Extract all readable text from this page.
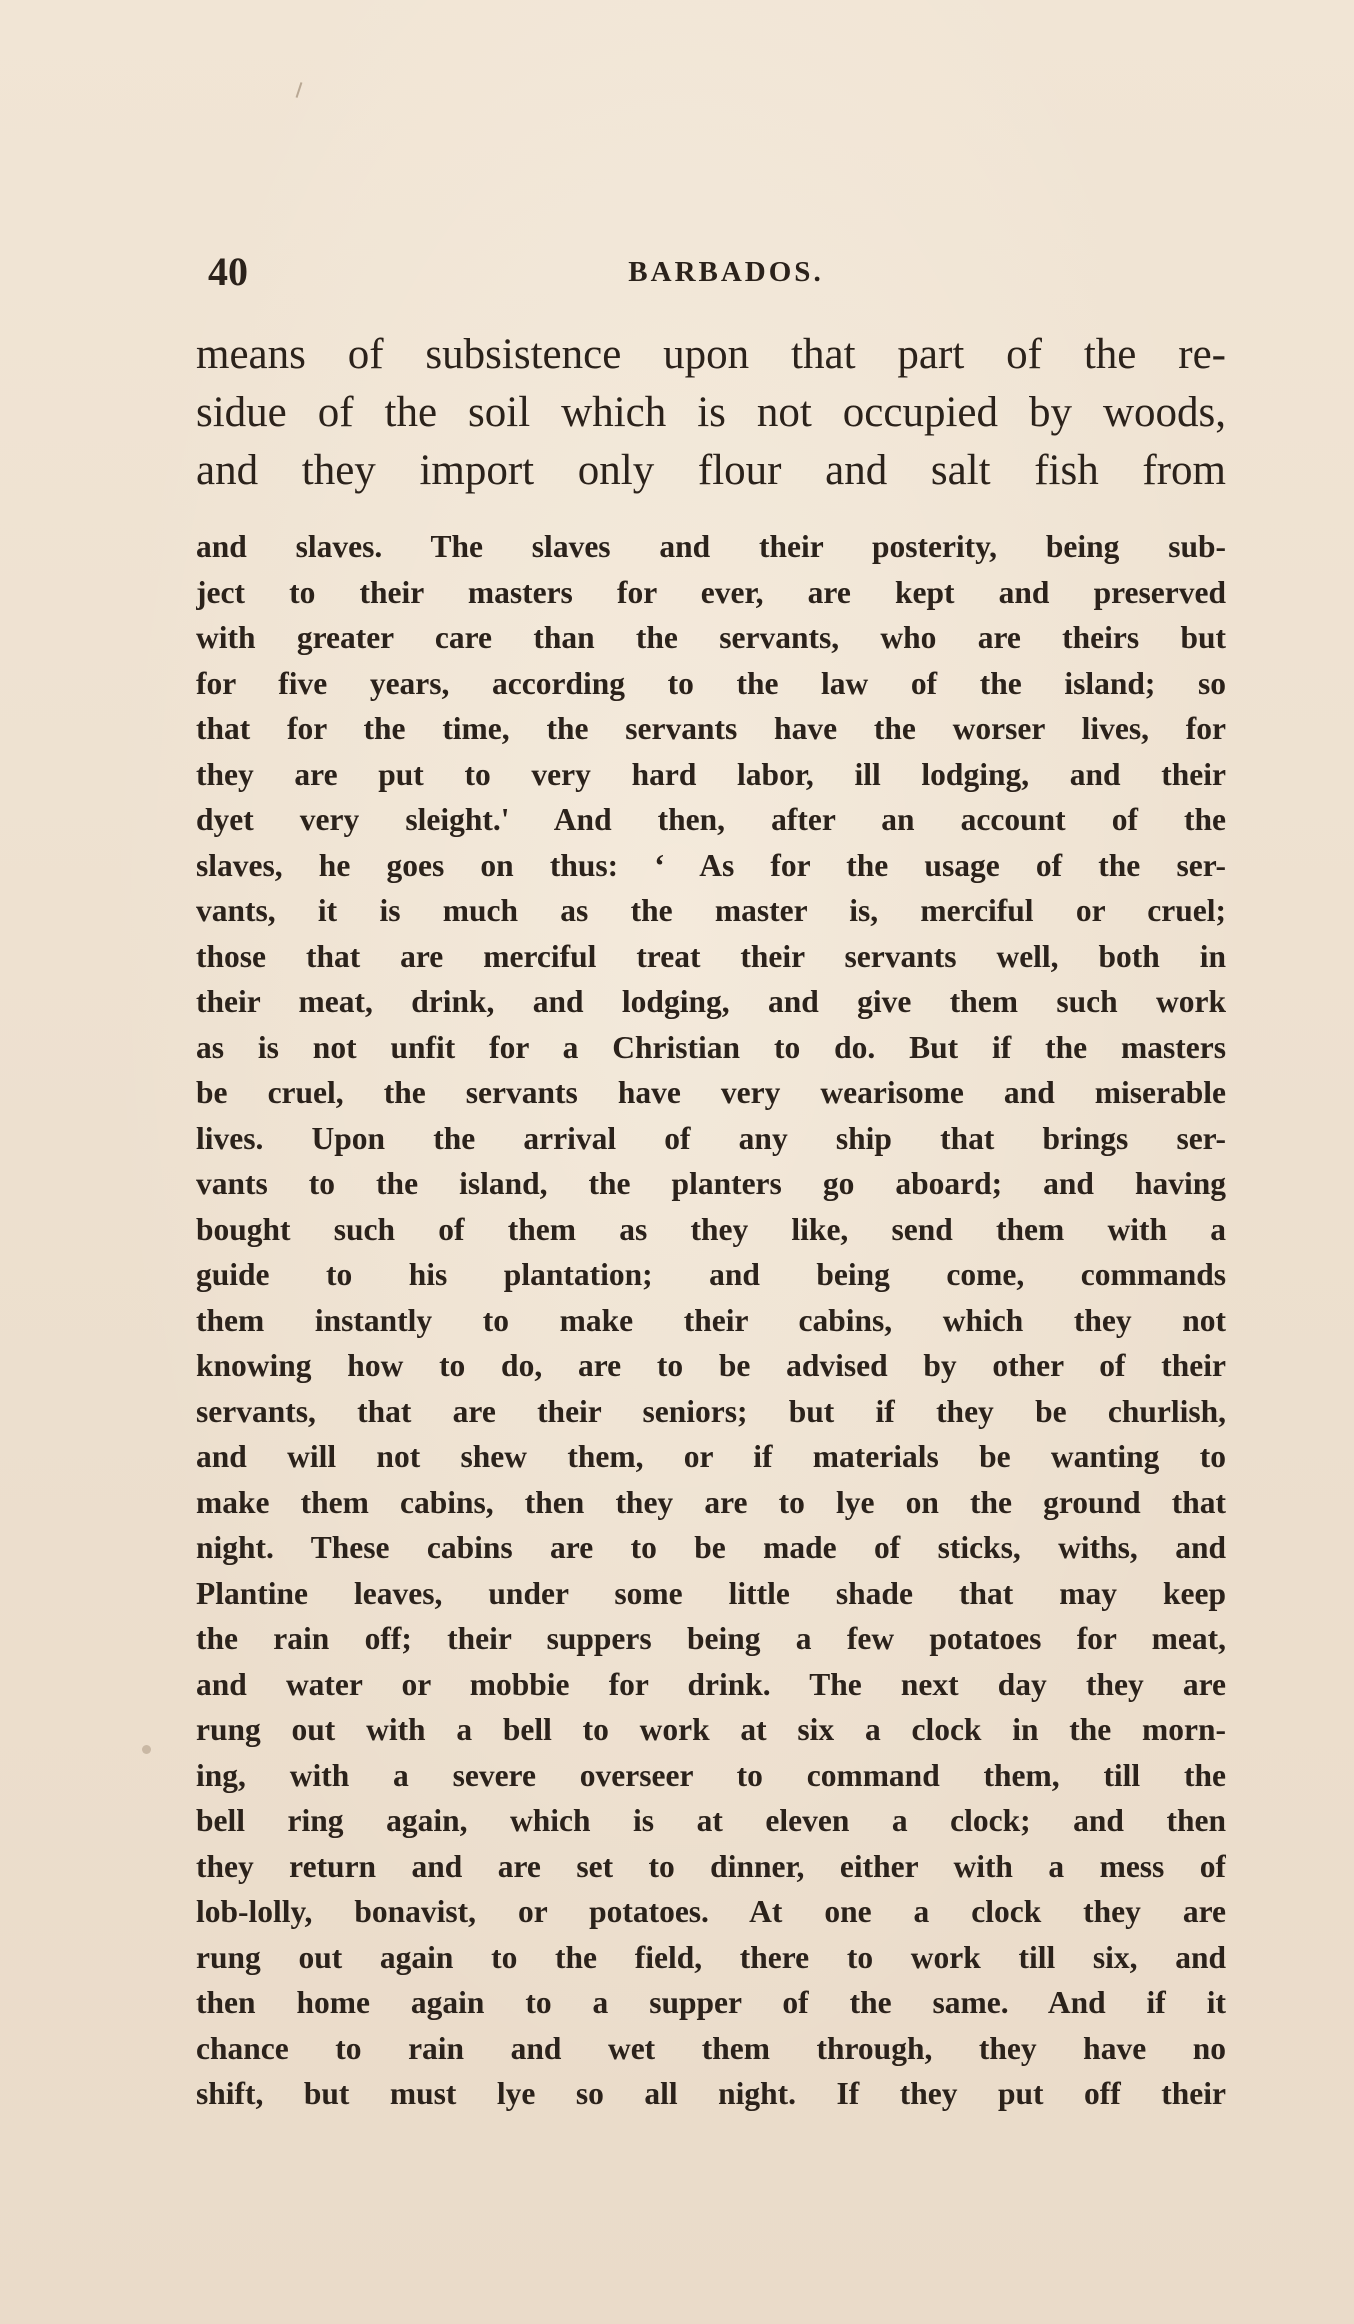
40	BARBADOS.
means of subsistence upon that part of the re-
sidue of the soil which is not occupied by woods,
and they import only flour and salt fish from
and slaves. The slaves and their posterity, being sub-
ject to their masters for ever, are kept and preserved
with greater care than the servants, who are theirs but
for five years, according to the law of the island; so
that for the time, the servants have the worser lives, for
they are put to very hard labor, ill lodging, and their
dyet very sleight.' And then, after an account of the
slaves, he goes on thus: ‘ As for the usage of the ser-
vants, it is much as the master is, merciful or cruel;
those that are merciful treat their servants well, both in
their meat, drink, and lodging, and give them such work
as is not unfit for a Christian to do. But if the masters
be cruel, the servants have very wearisome and miserable
lives. Upon the arrival of any ship that brings ser-
vants to the island, the planters go aboard; and having
bought such of them as they like, send them with a
guide to his plantation; and being come, commands
them instantly to make their cabins, which they not
knowing how to do, are to be advised by other of their
servants, that are their seniors; but if they be churlish,
and will not shew them, or if materials be wanting to
make them cabins, then they are to lye on the ground that
night. These cabins are to be made of sticks, withs, and
Plantine leaves, under some little shade that may keep
the rain off; their suppers being a few potatoes for meat,
and water or mobbie for drink. The next day they are
rung out with a bell to work at six a clock in the morn-
ing, with a severe overseer to command them, till the
bell ring again, which is at eleven a clock; and then
they return and are set to dinner, either with a mess of
lob-lolly, bonavist, or potatoes. At one a clock they are
rung out again to the field, there to work till six, and
then home again to a supper of the same. And if it
chance to rain and wet them through, they have no
shift, but must lye so all night. If they put off their
